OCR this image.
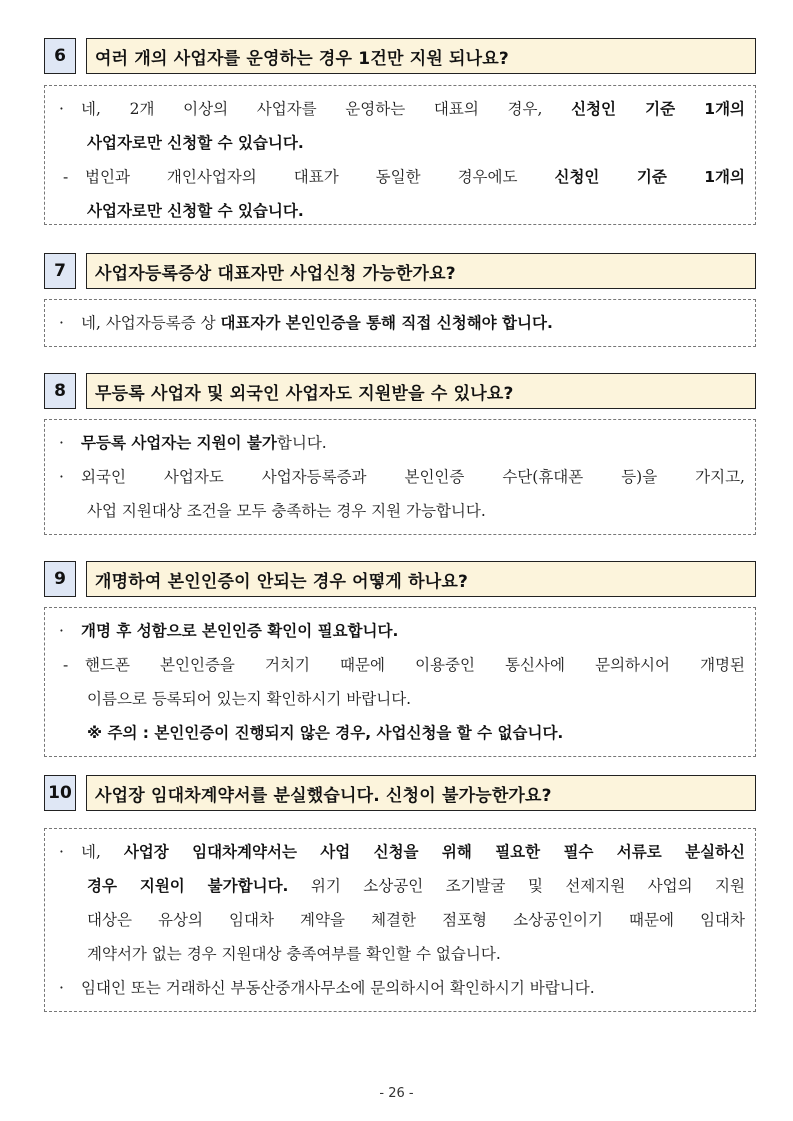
6	여러 개의 사업자를 운영하는 경우 1건만 지원 되나요?
· 네, 2개 이상의 사업자를 운영하는 대표의 경우, 신청인 기준 1개의
사업자로만 신청할 수 있습니다.
- 법인과 개인사업자의 대표가 동일한 경우에도 신청인 기준 1개의
사업자로만 신청할 수 있습니다.
7	사업자등록증상 대표자만 사업신청 가능한가요?
· 네, 사업자등록증 상 대표자가 본인인증을 통해 직접 신청해야 합니다.
8	무등록 사업자 및 외국인 사업자도 지원받을 수 있나요?
· 무등록 사업자는 지원이 불가합니다.
· 외국인 사업자도 사업자등록증과 본인인증 수단(휴대폰 등)을 가지고,
사업 지원대상 조건을 모두 충족하는 경우 지원 가능합니다.
9	개명하여 본인인증이 안되는 경우 어떻게 하나요?
· 개명 후 성함으로 본인인증 확인이 필요합니다.
- 핸드폰 본인인증을 거치기 때문에 이용중인 통신사에 문의하시어 개명된
이름으로 등록되어 있는지 확인하시기 바랍니다.
※ 주의 : 본인인증이 진행되지 않은 경우, 사업신청을 할 수 없습니다.
10	사업장 임대차계약서를 분실했습니다. 신청이 불가능한가요?
· 네, 사업장 임대차계약서는 사업 신청을 위해 필요한 필수 서류로 분실하신
경우 지원이 불가합니다. 위기 소상공인 조기발굴 및 선제지원 사업의 지원
대상은 유상의 임대차 계약을 체결한 점포형 소상공인이기 때문에 임대차
계약서가 없는 경우 지원대상 충족여부를 확인할 수 없습니다.
· 임대인 또는 거래하신 부동산중개사무소에 문의하시어 확인하시기 바랍니다.
- 26 -
